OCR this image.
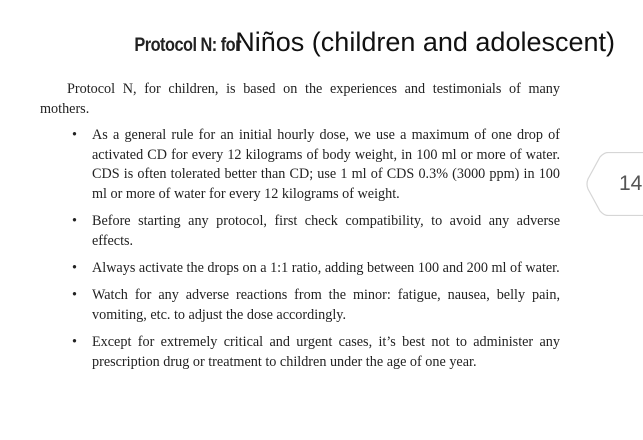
Protocol N: for Niños (children and adolescent)

Protocol N, for children, is based on the experiences and testimonials of many mothers.

• As a general rule for an initial hourly dose, we use a maximum of one drop of activated CD for every 12 kilograms of body weight, in 100 ml or more of water. CDS is often tolerated better than CD; use 1 ml of CDS 0.3% (3000 ppm) in 100 ml or more of water for every 12 kilograms of weight.
• Before starting any protocol, first check compatibility, to avoid any adverse effects.
• Always activate the drops on a 1:1 ratio, adding between 100 and 200 ml of water.
• Watch for any adverse reactions from the minor: fatigue, nausea, belly pain, vomiting, etc. to adjust the dose accordingly.
• Except for extremely critical and urgent cases, it’s best not to administer any prescription drug or treatment to children under the age of one year.
14
